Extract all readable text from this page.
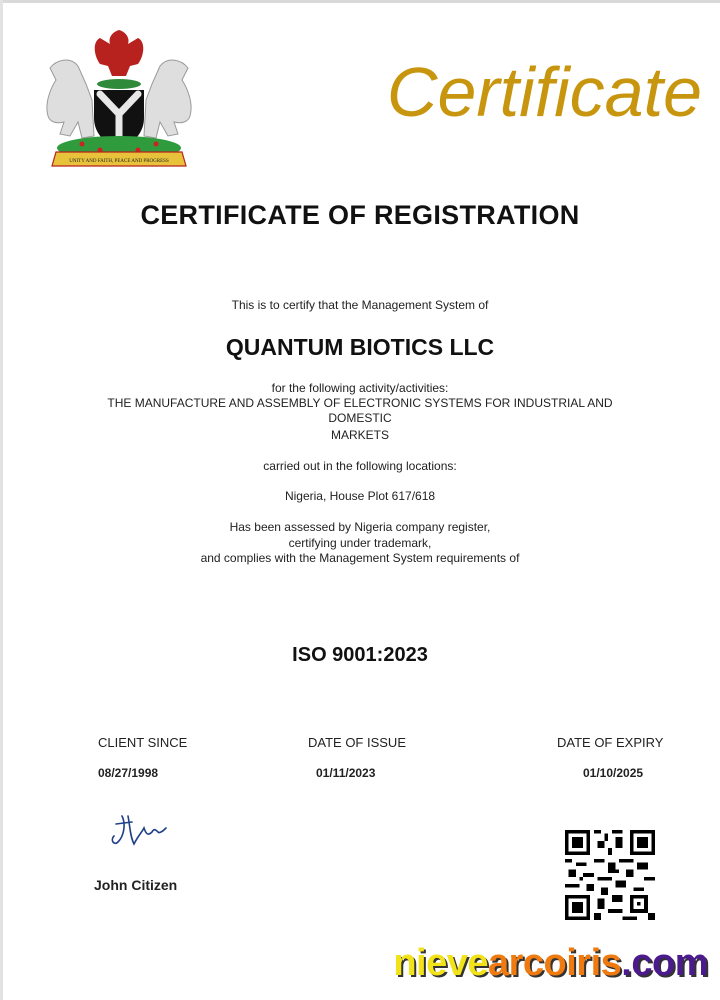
UNITY AND FAITH, PEACE AND PROGRESS
Certificate
CERTIFICATE OF REGISTRATION
This is to certify that the Management System of
QUANTUM BIOTICS LLC
for the following activity/activities:
THE MANUFACTURE AND ASSEMBLY OF ELECTRONIC SYSTEMS FOR INDUSTRIAL AND
DOMESTIC
MARKETS
carried out in the following locations:
Nigeria, House Plot 617/618
Has been assessed by Nigeria company register,
certifying under trademark,
and complies with the Management System requirements of
ISO 9001:2023
CLIENT SINCE
08/27/1998
DATE OF ISSUE
01/11/2023
DATE OF EXPIRY
01/10/2025
John Citizen
nievearcoiris.com
